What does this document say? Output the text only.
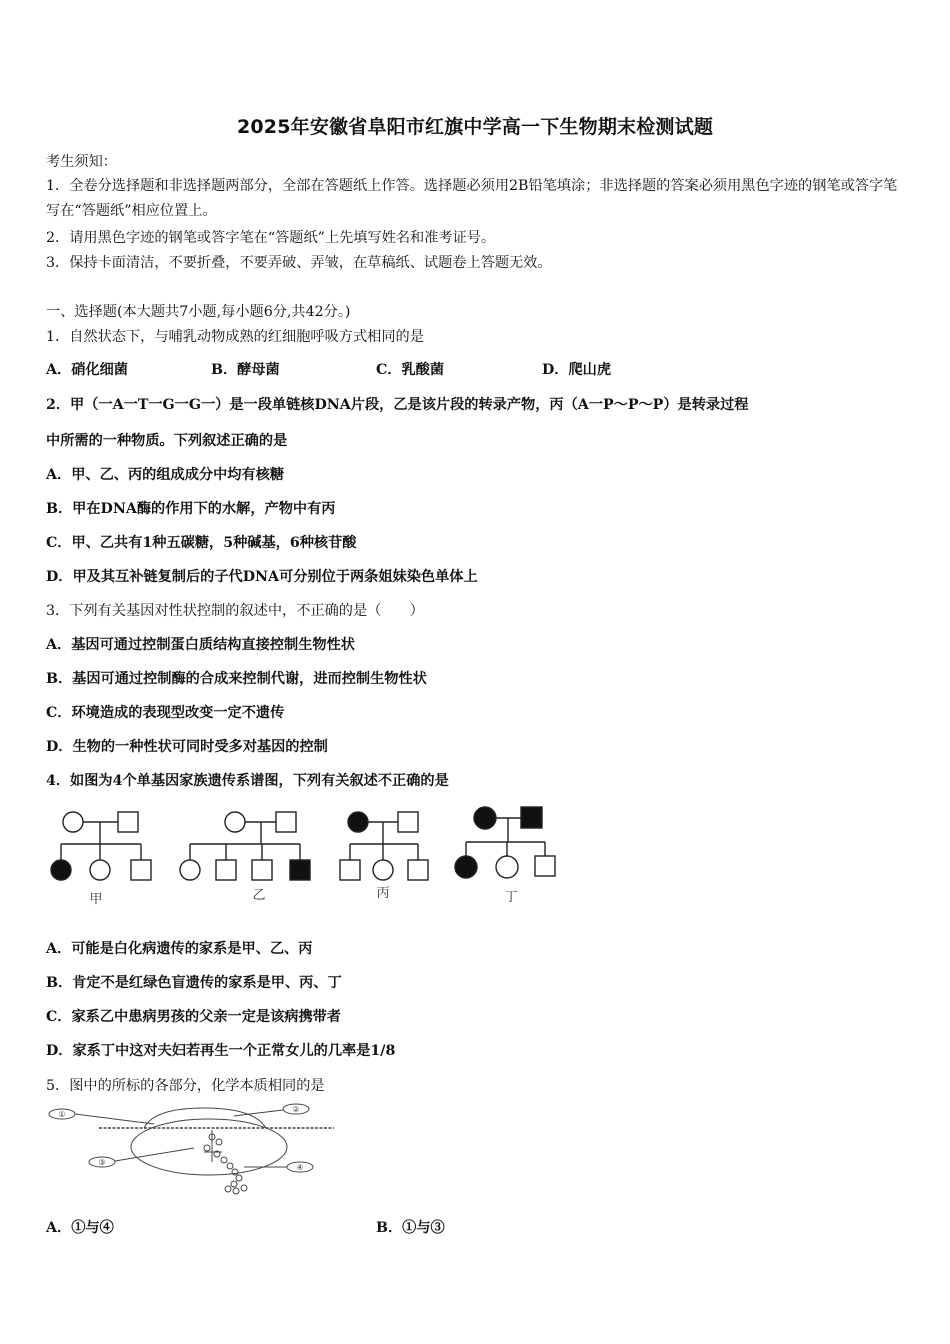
2025年安徽省阜阳市红旗中学高一下生物期末检测试题
考生须知：
1．全卷分选择题和非选择题两部分，全部在答题纸上作答。选择题必须用2B铅笔填涂；非选择题的答案必须用黑色字迹的钢笔或答字笔写在“答题纸”相应位置上。
2．请用黑色字迹的钢笔或答字笔在“答题纸”上先填写姓名和准考证号。
3．保持卡面清洁，不要折叠，不要弄破、弄皱，在草稿纸、试题卷上答题无效。
一、选择题(本大题共7小题,每小题6分,共42分。)
1．自然状态下，与哺乳动物成熟的红细胞呼吸方式相同的是
A．硝化细菌	B．酵母菌	C．乳酸菌	D．爬山虎
2．甲（一A一T一G一G一）是一段单链核DNA片段，乙是该片段的转录产物，丙（A一P～P～P）是转录过程
中所需的一种物质。下列叙述正确的是
A．甲、乙、丙的组成成分中均有核糖
B．甲在DNA酶的作用下的水解，产物中有丙
C．甲、乙共有1种五碳糖，5种碱基，6种核苷酸
D．甲及其互补链复制后的子代DNA可分别位于两条姐妹染色单体上
3．下列有关基因对性状控制的叙述中，不正确的是（　　）
A．基因可通过控制蛋白质结构直接控制生物性状
B．基因可通过控制酶的合成来控制代谢，进而控制生物性状
C．环境造成的表现型改变一定不遗传
D．生物的一种性状可同时受多对基因的控制
4．如图为4个单基因家族遗传系谱图，下列有关叙述不正确的是
甲	乙	丙	丁
A．可能是白化病遗传的家系是甲、乙、丙
B．肯定不是红绿色盲遗传的家系是甲、丙、丁
C．家系乙中患病男孩的父亲一定是该病携带者
D．家系丁中这对夫妇若再生一个正常女儿的几率是1/8
5．图中的所标的各部分，化学本质相同的是
①
②
③
④
A．①与④	B．①与③
